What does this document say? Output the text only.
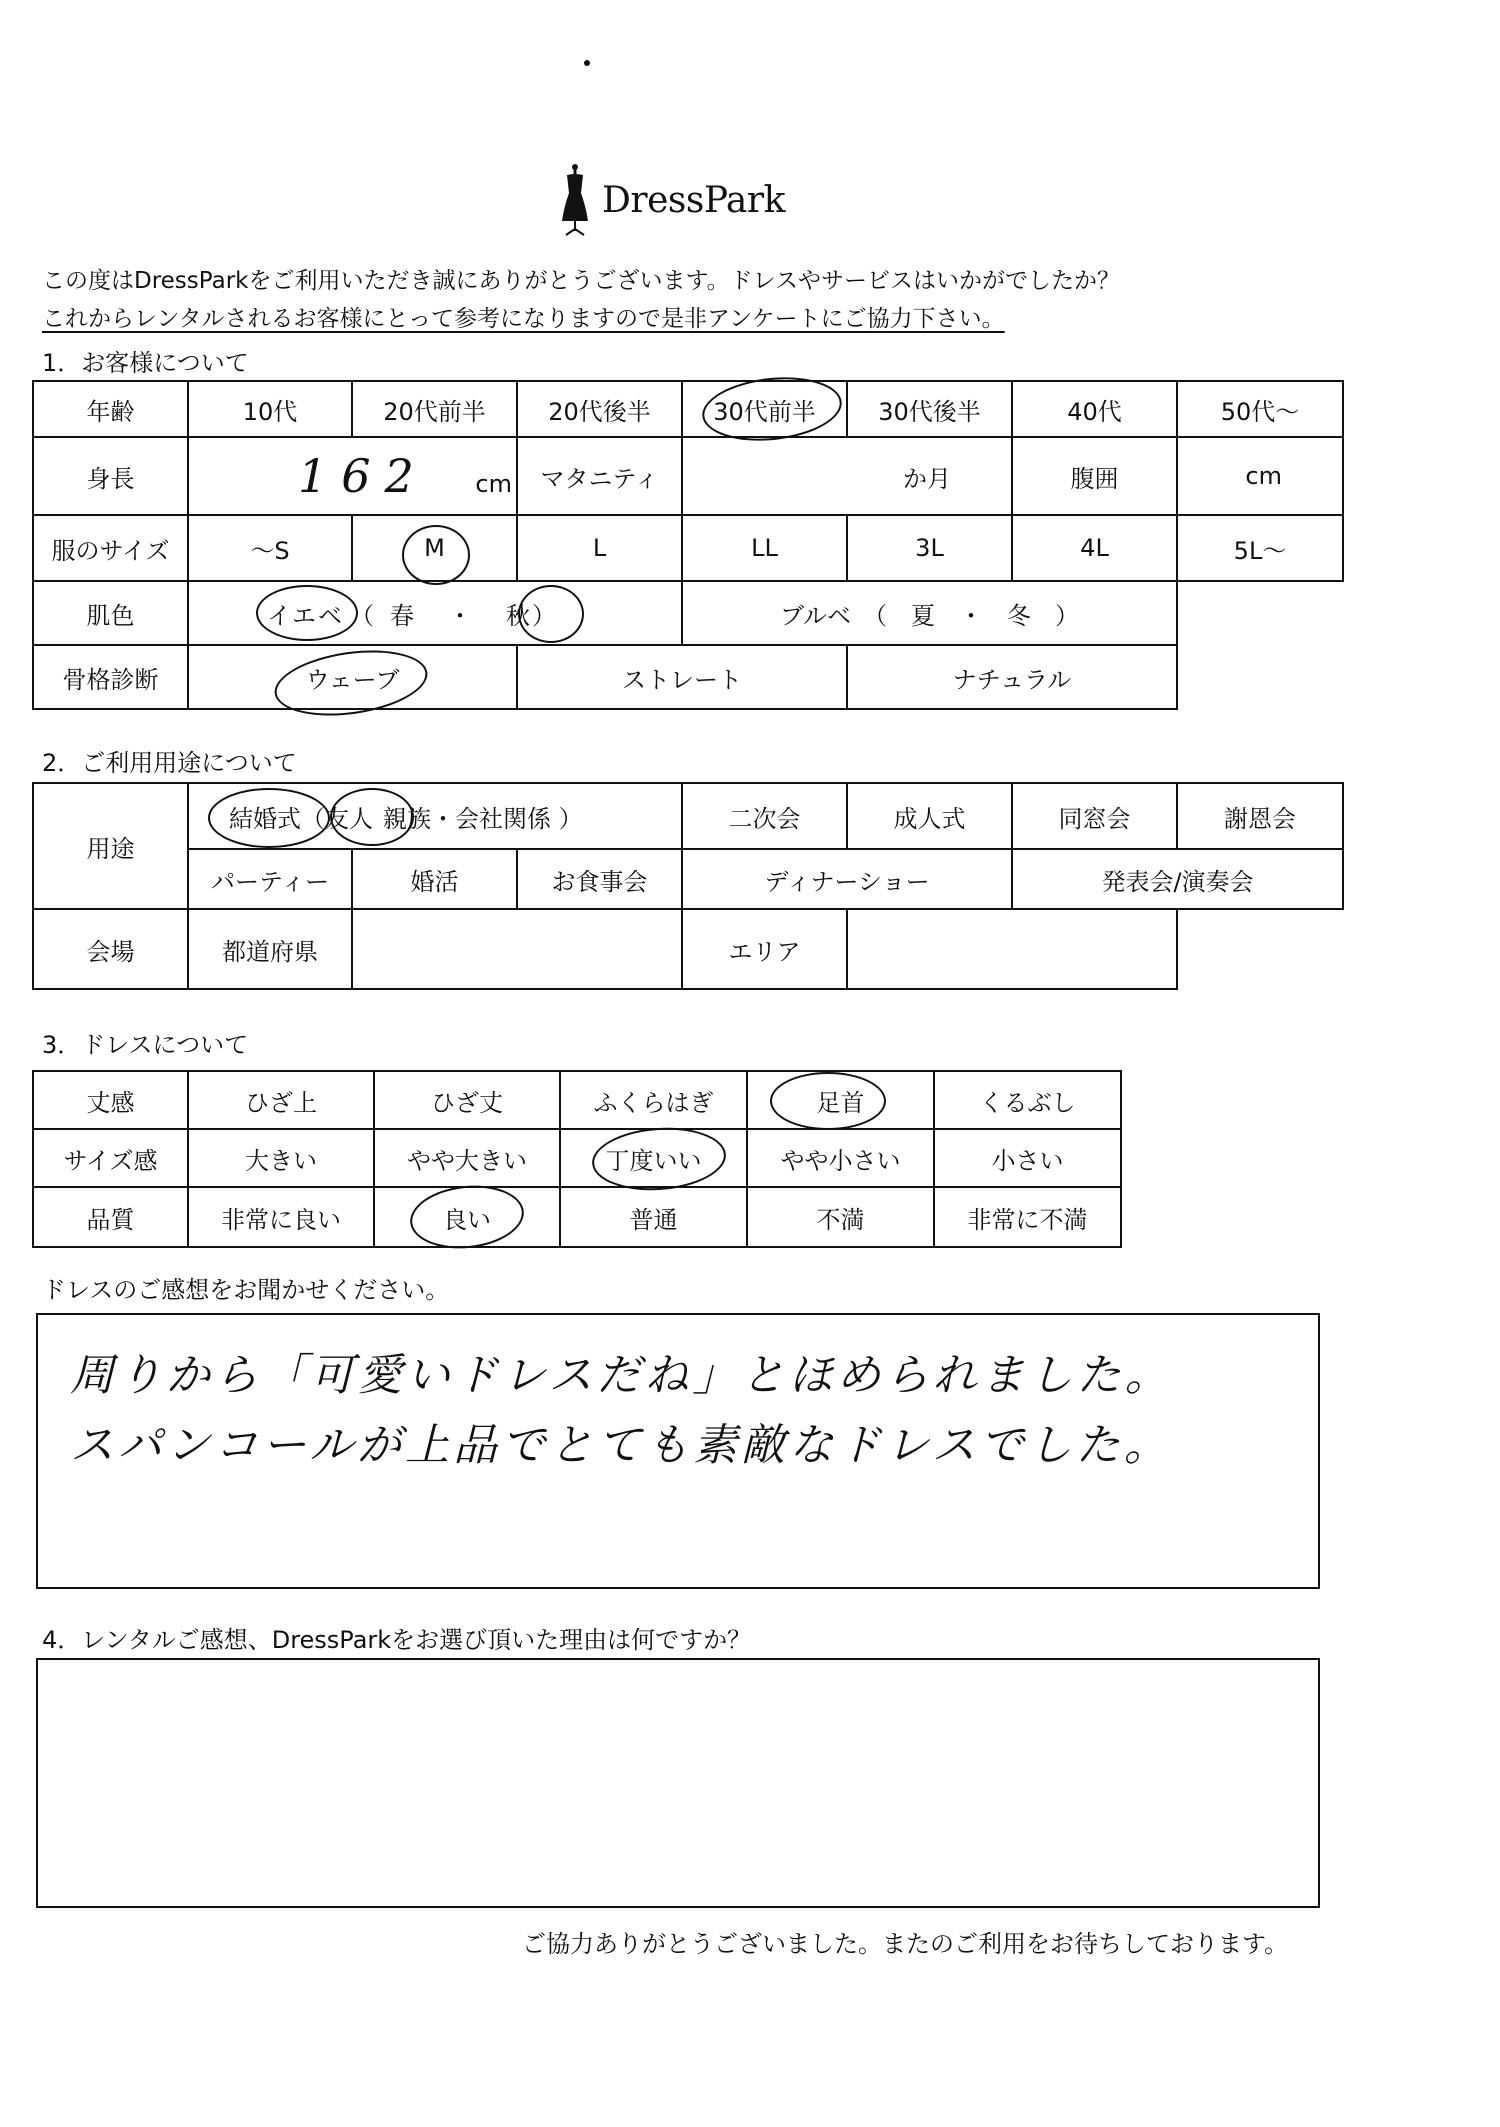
DressPark
この度はDressParkをご利用いただき誠にありがとうございます。ドレスやサービスはいかがでしたか？
これからレンタルされるお客様にとって参考になりますので是非アンケートにご協力下さい。
1．お客様について
年齢	10代	20代前半	20代後半	30代前半	30代後半	40代	50代～
身長	162 cm		マタニティ	か月		腹囲	cm
服のサイズ	～S	M	L	LL	3L	4L	5L～
肌色	イエベ （ 春 ・ 秋）			ブルベ　（　夏　・　冬　）			
骨格診断	ウェーブ		ストレート		ナチュラル		
2．ご利用用途について
用途	結婚式（友人 親族・会社関係 ）			二次会	成人式	同窓会	謝恩会
	パーティー	婚活	お食事会	ディナーショー		発表会/演奏会	
会場	都道府県			エリア			
3．ドレスについて
丈感	ひざ上	ひざ丈	ふくらはぎ	足首	くるぶし
サイズ感	大きい	やや大きい	丁度いい	やや小さい	小さい
品質	非常に良い	良い	普通	不満	非常に不満
ドレスのご感想をお聞かせください。
周りから「可愛いドレスだね」とほめられました。
スパンコールが上品でとても素敵なドレスでした。
4．レンタルご感想、DressParkをお選び頂いた理由は何ですか？
ご協力ありがとうございました。またのご利用をお待ちしております。
